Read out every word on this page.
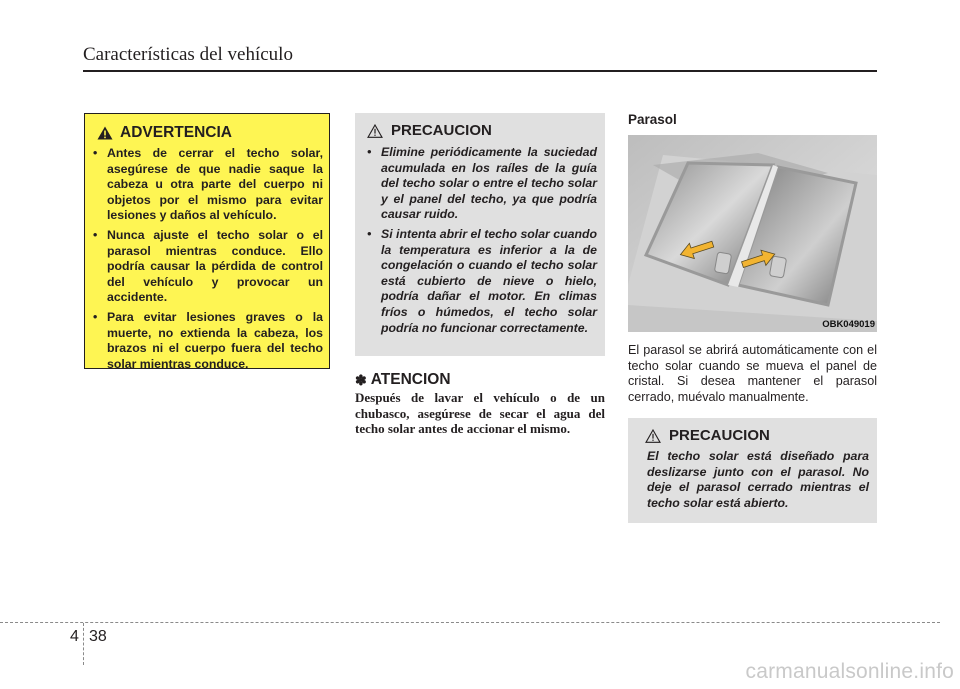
Características del vehículo
ADVERTENCIA
• Antes de cerrar el techo solar, asegúrese de que nadie saque la cabeza u otra parte del cuerpo ni objetos por el mismo para evitar lesiones y daños al vehículo.
• Nunca ajuste el techo solar o el parasol mientras conduce. Ello podría causar la pérdida de control del vehículo y provocar un accidente.
• Para evitar lesiones graves o la muerte, no extienda la cabeza, los brazos ni el cuerpo fuera del techo solar mientras conduce.
PRECAUCION
• Elimine periódicamente la suciedad acumulada en los raíles de la guía del techo solar o entre el techo solar y el panel del techo, ya que podría causar ruido.
• Si intenta abrir el techo solar cuando la temperatura es inferior a la de congelación o cuando el techo solar está cubierto de nieve o hielo, podría dañar el motor. En climas fríos o húmedos, el techo solar podría no funcionar correctamente.
✽ ATENCION

Después de lavar el vehículo o de un chubasco, asegúrese de secar el agua del techo solar antes de accionar el mismo.

Parasol
OBK049019

El parasol se abrirá automáticamente con el techo solar cuando se mueva el panel de cristal. Si desea mantener el parasol cerrado, muévalo manualmente.

PRECAUCION

El techo solar está diseñado para deslizarse junto con el parasol. No deje el parasol cerrado mientras el techo solar está abierto.

4 38
carmanualsonline.info
